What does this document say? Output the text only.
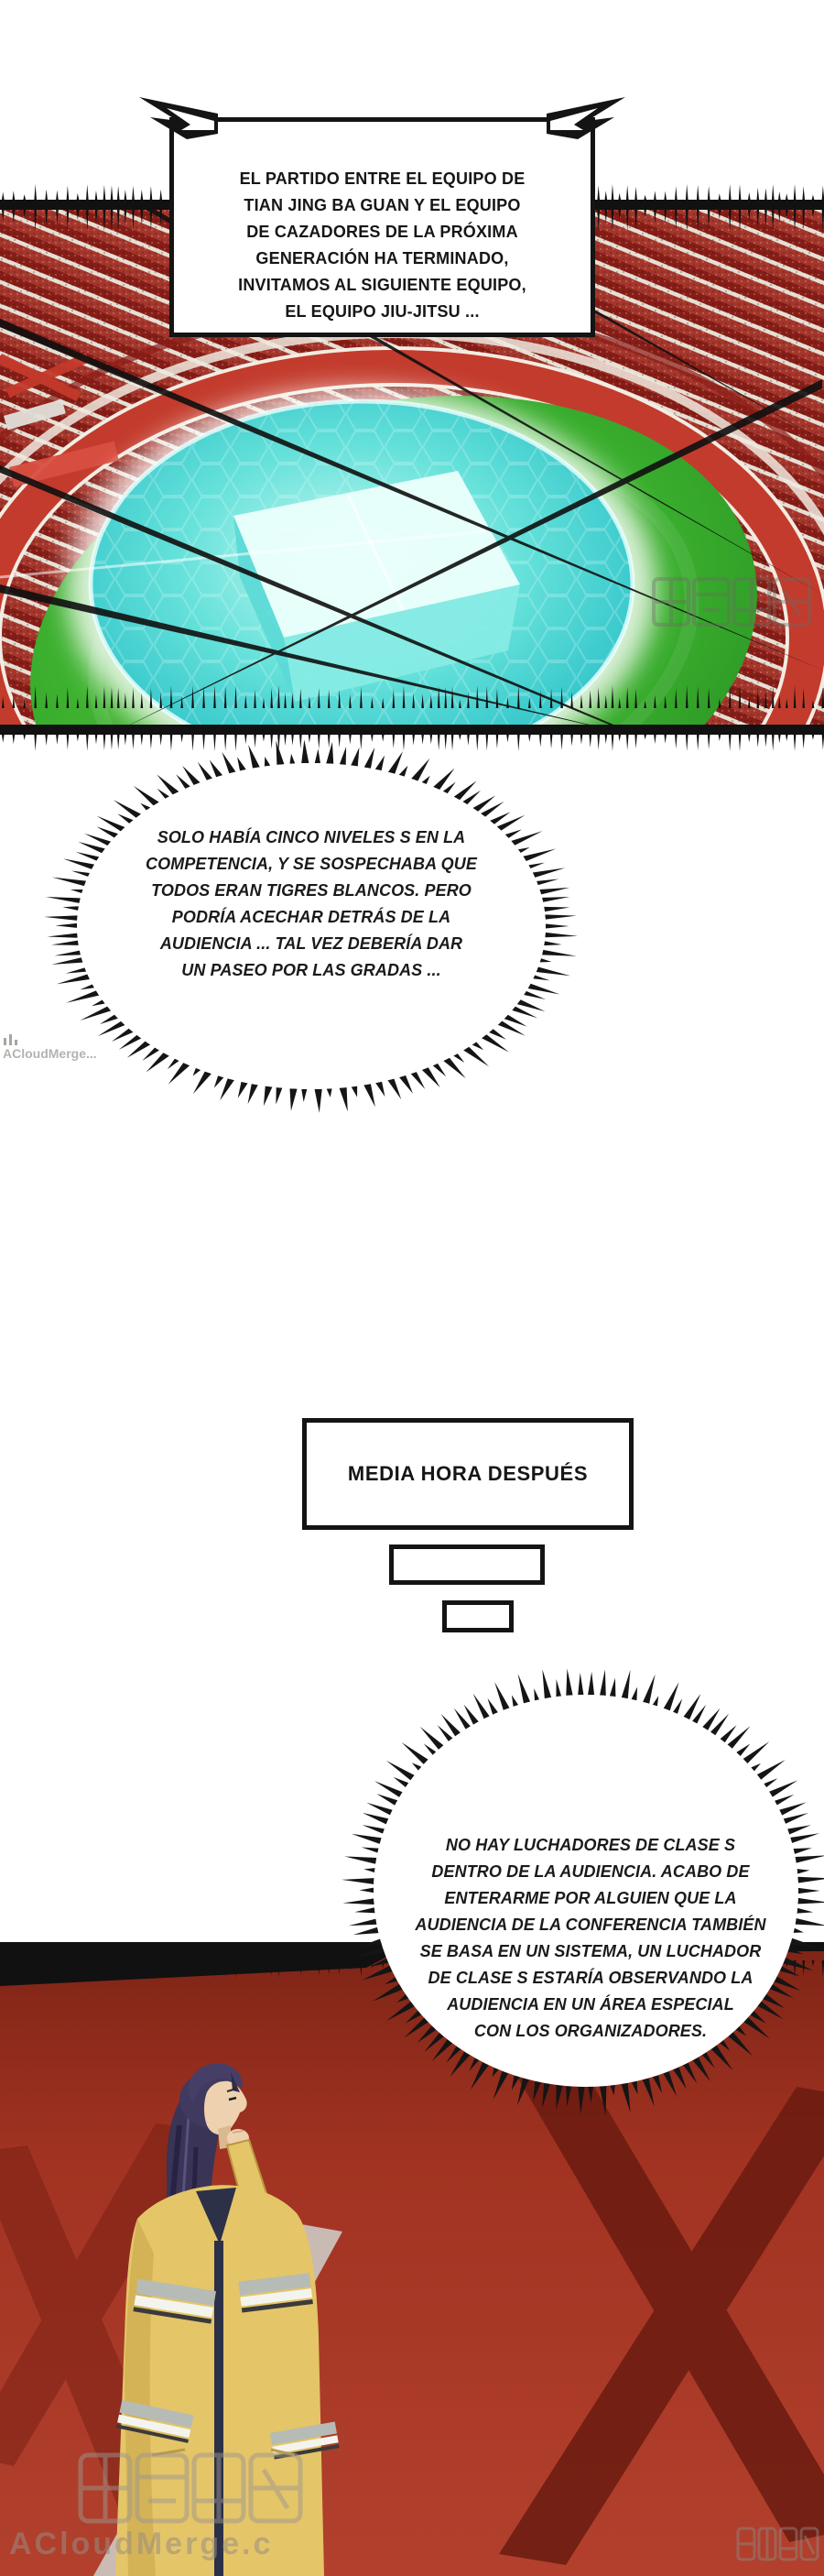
EL PARTIDO ENTRE EL EQUIPO DE
TIAN JING BA GUAN Y EL EQUIPO
DE CAZADORES DE LA PRÓXIMA
GENERACIÓN HA TERMINADO,
INVITAMOS AL SIGUIENTE EQUIPO,
EL EQUIPO JIU-JITSU ...
SOLO HABÍA CINCO NIVELES S EN LA
COMPETENCIA, Y SE SOSPECHABA QUE
TODOS ERAN TIGRES BLANCOS. PERO
PODRÍA ACECHAR DETRÁS DE LA
AUDIENCIA ... TAL VEZ DEBERÍA DAR
UN PASEO POR LAS GRADAS ...
ACloudMerge...
MEDIA HORA DESPUÉS
NO HAY LUCHADORES DE CLASE S
DENTRO DE LA AUDIENCIA. ACABO DE
ENTERARME POR ALGUIEN QUE LA
AUDIENCIA DE LA CONFERENCIA TAMBIÉN
SE BASA EN UN SISTEMA, UN LUCHADOR
DE CLASE S ESTARÍA OBSERVANDO LA
AUDIENCIA EN UN ÁREA ESPECIAL
CON LOS ORGANIZADORES.
ACloudMerge.c
